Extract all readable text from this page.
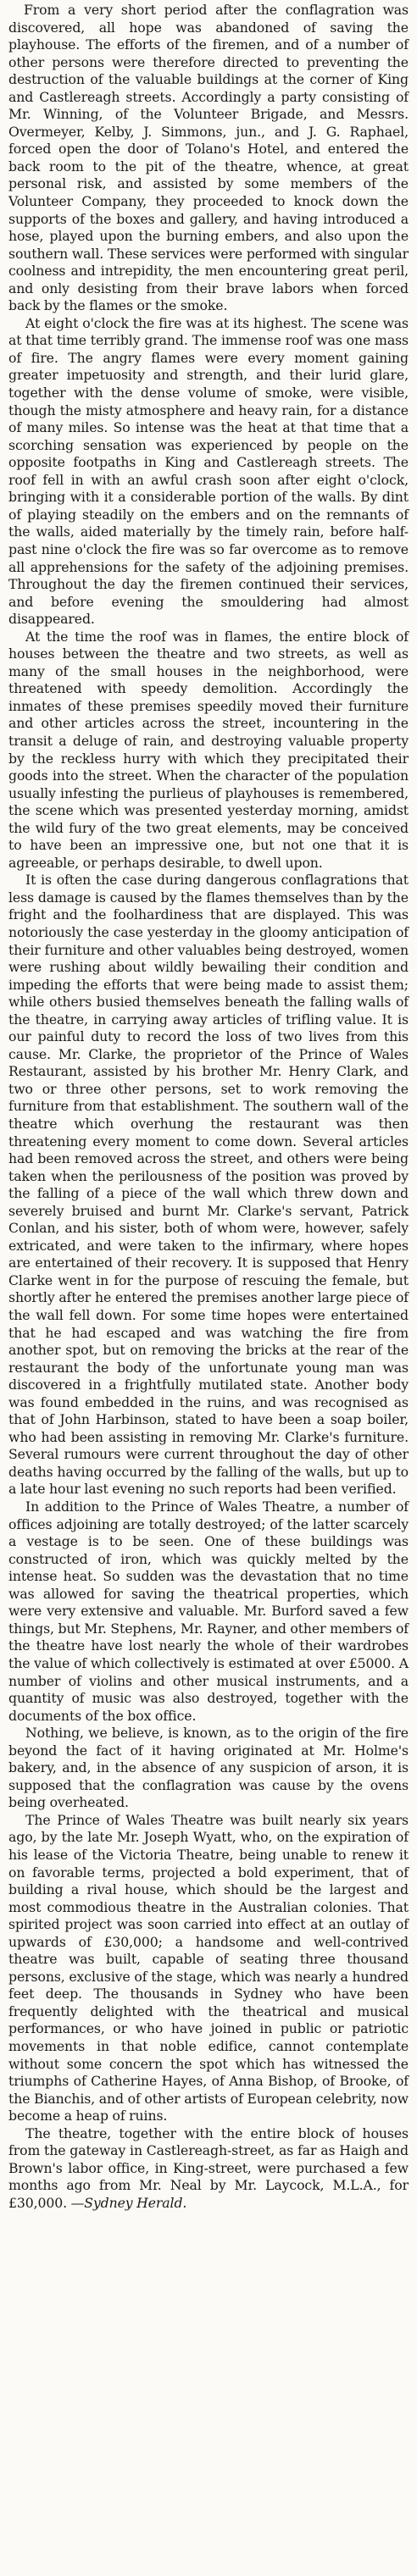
From a very short period after the conflagration was discovered, all hope was abandoned of saving the playhouse. The efforts of the firemen, and of a number of other persons were therefore directed to preventing the destruction of the valuable buildings at the corner of King and Castlereagh streets. Accordingly a party consisting of Mr. Winning, of the Volunteer Brigade, and Messrs. Overmeyer, Kelby, J. Simmons, jun., and J. G. Raphael, forced open the door of Tolano's Hotel, and entered the back room to the pit of the theatre, whence, at great personal risk, and assisted by some members of the Volunteer Company, they proceeded to knock down the supports of the boxes and gallery, and having introduced a hose, played upon the burning embers, and also upon the southern wall. These services were performed with singular coolness and intrepidity, the men encountering great peril, and only desisting from their brave labors when forced back by the flames or the smoke.

At eight o'clock the fire was at its highest. The scene was at that time terribly grand. The immense roof was one mass of fire. The angry flames were every moment gaining greater impetuosity and strength, and their lurid glare, together with the dense volume of smoke, were visible, though the misty atmosphere and heavy rain, for a distance of many miles. So intense was the heat at that time that a scorching sensation was experienced by people on the opposite footpaths in King and Castlereagh streets. The roof fell in with an awful crash soon after eight o'clock, bringing with it a considerable portion of the walls. By dint of playing steadily on the embers and on the remnants of the walls, aided materially by the timely rain, before half-past nine o'clock the fire was so far overcome as to remove all apprehensions for the safety of the adjoining premises. Throughout the day the firemen continued their services, and before evening the smouldering had almost disappeared.

At the time the roof was in flames, the entire block of houses between the theatre and two streets, as well as many of the small houses in the neighborhood, were threatened with speedy demolition. Accordingly the inmates of these premises speedily moved their furniture and other articles across the street, incountering in the transit a deluge of rain, and destroying valuable property by the reckless hurry with which they precipitated their goods into the street. When the character of the population usually infesting the purlieus of playhouses is remembered, the scene which was presented yesterday morning, amidst the wild fury of the two great elements, may be conceived to have been an impressive one, but not one that it is agreeable, or perhaps desirable, to dwell upon.

It is often the case during dangerous conflagrations that less damage is caused by the flames themselves than by the fright and the foolhardiness that are displayed. This was notoriously the case yesterday in the gloomy anticipation of their furniture and other valuables being destroyed, women were rushing about wildly bewailing their condition and impeding the efforts that were being made to assist them; while others busied themselves beneath the falling walls of the theatre, in carrying away articles of trifling value. It is our painful duty to record the loss of two lives from this cause. Mr. Clarke, the proprietor of the Prince of Wales Restaurant, assisted by his brother Mr. Henry Clark, and two or three other persons, set to work removing the furniture from that establishment. The southern wall of the theatre which overhung the restaurant was then threatening every moment to come down. Several articles had been removed across the street, and others were being taken when the perilousness of the position was proved by the falling of a piece of the wall which threw down and severely bruised and burnt Mr. Clarke's servant, Patrick Conlan, and his sister, both of whom were, however, safely extricated, and were taken to the infirmary, where hopes are entertained of their recovery. It is supposed that Henry Clarke went in for the purpose of rescuing the female, but shortly after he entered the premises another large piece of the wall fell down. For some time hopes were entertained that he had escaped and was watching the fire from another spot, but on removing the bricks at the rear of the restaurant the body of the unfortunate young man was discovered in a frightfully mutilated state. Another body was found embedded in the ruins, and was recognised as that of John Harbinson, stated to have been a soap boiler, who had been assisting in removing Mr. Clarke's furniture. Several rumours were current throughout the day of other deaths having occurred by the falling of the walls, but up to a late hour last evening no such reports had been verified.

In addition to the Prince of Wales Theatre, a number of offices adjoining are totally destroyed; of the latter scarcely a vestage is to be seen. One of these buildings was constructed of iron, which was quickly melted by the intense heat. So sudden was the devastation that no time was allowed for saving the theatrical properties, which were very extensive and valuable. Mr. Burford saved a few things, but Mr. Stephens, Mr. Rayner, and other members of the theatre have lost nearly the whole of their wardrobes the value of which collectively is estimated at over £5000. A number of violins and other musical instruments, and a quantity of music was also destroyed, together with the documents of the box office.

Nothing, we believe, is known, as to the origin of the fire beyond the fact of it having originated at Mr. Holme's bakery, and, in the absence of any suspicion of arson, it is supposed that the conflagration was cause by the ovens being overheated.

The Prince of Wales Theatre was built nearly six years ago, by the late Mr. Joseph Wyatt, who, on the expiration of his lease of the Victoria Theatre, being unable to renew it on favorable terms, projected a bold experiment, that of building a rival house, which should be the largest and most commodious theatre in the Australian colonies. That spirited project was soon carried into effect at an outlay of upwards of £30,000; a handsome and well-contrived theatre was built, capable of seating three thousand persons, exclusive of the stage, which was nearly a hundred feet deep. The thousands in Sydney who have been frequently delighted with the theatrical and musical performances, or who have joined in public or patriotic movements in that noble edifice, cannot contemplate without some concern the spot which has witnessed the triumphs of Catherine Hayes, of Anna Bishop, of Brooke, of the Bianchis, and of other artists of European celebrity, now become a heap of ruins.

The theatre, together with the entire block of houses from the gateway in Castlereagh-street, as far as Haigh and Brown's labor office, in King-street, were purchased a few months ago from Mr. Neal by Mr. Laycock, M.L.A., for £30,000. —Sydney Herald.
